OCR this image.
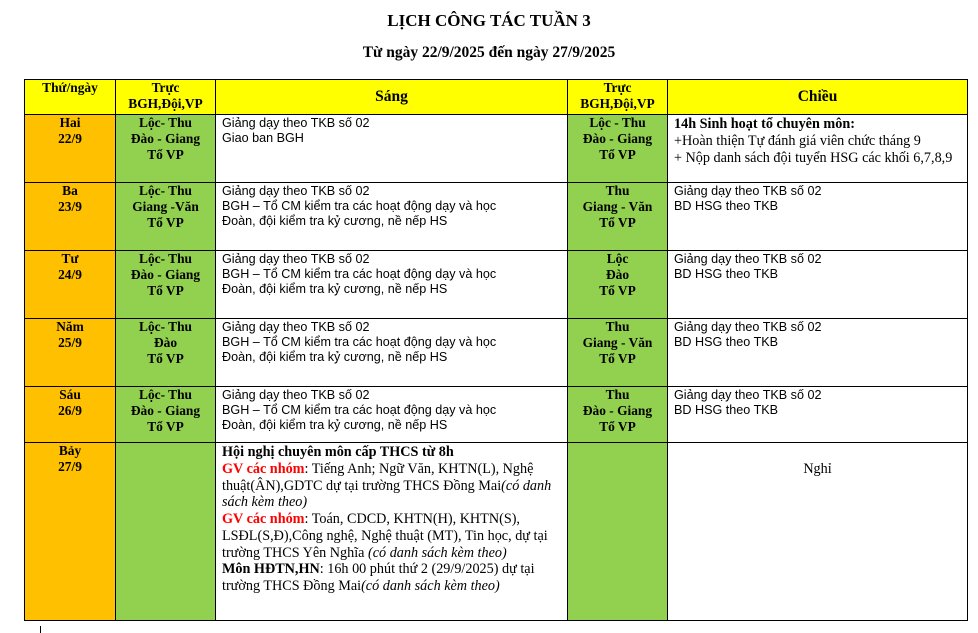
LỊCH CÔNG TÁC TUẦN 3
Từ ngày 22/9/2025 đến ngày 27/9/2025
Thứ/ngày	Trực
BGH,Đội,VP	Sáng	Trực
BGH,Đội,VP	Chiều

Hai
22/9	Lộc- Thu
Đào - Giang
Tổ VP	Giảng dạy theo TKB số 02
Giao ban BGH	Lộc - Thu
Đào - Giang
Tổ VP	14h Sinh hoạt tổ chuyên môn:
+Hoàn thiện Tự đánh giá viên chức tháng 9
+ Nộp danh sách đội tuyển HSG các khối 6,7,8,9

Ba
23/9	Lộc- Thu
Giang -Văn
Tổ VP	Giảng dạy theo TKB số 02
BGH – Tổ CM kiểm tra các hoạt động dạy và học
Đoàn, đội kiểm tra kỷ cương, nề nếp HS	Thu
Giang - Văn
Tổ VP	Giảng dạy theo TKB số 02
BD HSG theo TKB

Tư
24/9	Lộc- Thu
Đào - Giang
Tổ VP	Giảng dạy theo TKB số 02
BGH – Tổ CM kiểm tra các hoạt động dạy và học
Đoàn, đội kiểm tra kỷ cương, nề nếp HS	Lộc
Đào
Tổ VP	Giảng dạy theo TKB số 02
BD HSG theo TKB

Năm
25/9	Lộc- Thu
Đào
Tổ VP	Giảng dạy theo TKB số 02
BGH – Tổ CM kiểm tra các hoạt động dạy và học
Đoàn, đội kiểm tra kỷ cương, nề nếp HS	Thu
Giang - Văn
Tổ VP	Giảng dạy theo TKB số 02
BD HSG theo TKB

Sáu
26/9	Lộc- Thu
Đào - Giang
Tổ VP	Giảng dạy theo TKB số 02
BGH – Tổ CM kiểm tra các hoạt động dạy và học
Đoàn, đội kiểm tra kỷ cương, nề nếp HS	Thu
Đào - Giang
Tổ VP	Giảng dạy theo TKB số 02
BD HSG theo TKB

Bảy
27/9		Hội nghị chuyên môn cấp THCS từ 8h
GV các nhóm: Tiếng Anh; Ngữ Văn, KHTN(L), Nghệ thuật(ÂN),GDTC dự tại trường THCS Đồng Mai(có danh sách kèm theo)
GV các nhóm: Toán, CDCD, KHTN(H), KHTN(S), LSĐL(S,Đ),Công nghệ, Nghệ thuật (MT), Tin học, dự tại trường THCS Yên Nghĩa (có danh sách kèm theo)
Môn HĐTN,HN: 16h 00 phút thứ 2 (29/9/2025) dự tại trường THCS Đồng Mai(có danh sách kèm theo)		Nghỉ
